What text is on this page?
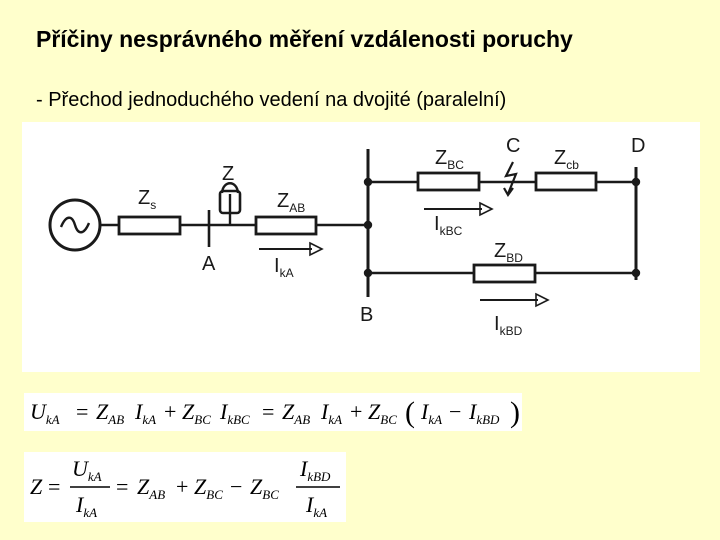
Příčiny nesprávného měření vzdálenosti poruchy
- Přechod jednoduchého vedení na dvojité (paralelní)
$Z_s$
Z
$Z_{AB}$
A	$I_{kA}$
B
$Z_{BC}$
C
$Z_{cb}$
D
$I_{kBC}$
$Z_{BD}$
$I_{kBD}$
$U_{kA} = Z_{AB}$ $I_{kA} + Z_{BC}$ $I_{kBC} = Z_{AB}$ $I_{kA} + Z_{BC}$ ( $I_{kA} - I_{kBD}$ )
Z =
$U_{kA}$
$I_{kA}$
= $Z_{AB} + Z_{BC} - Z_{BC}$
$I_{kBD}$
$I_{kA}$
